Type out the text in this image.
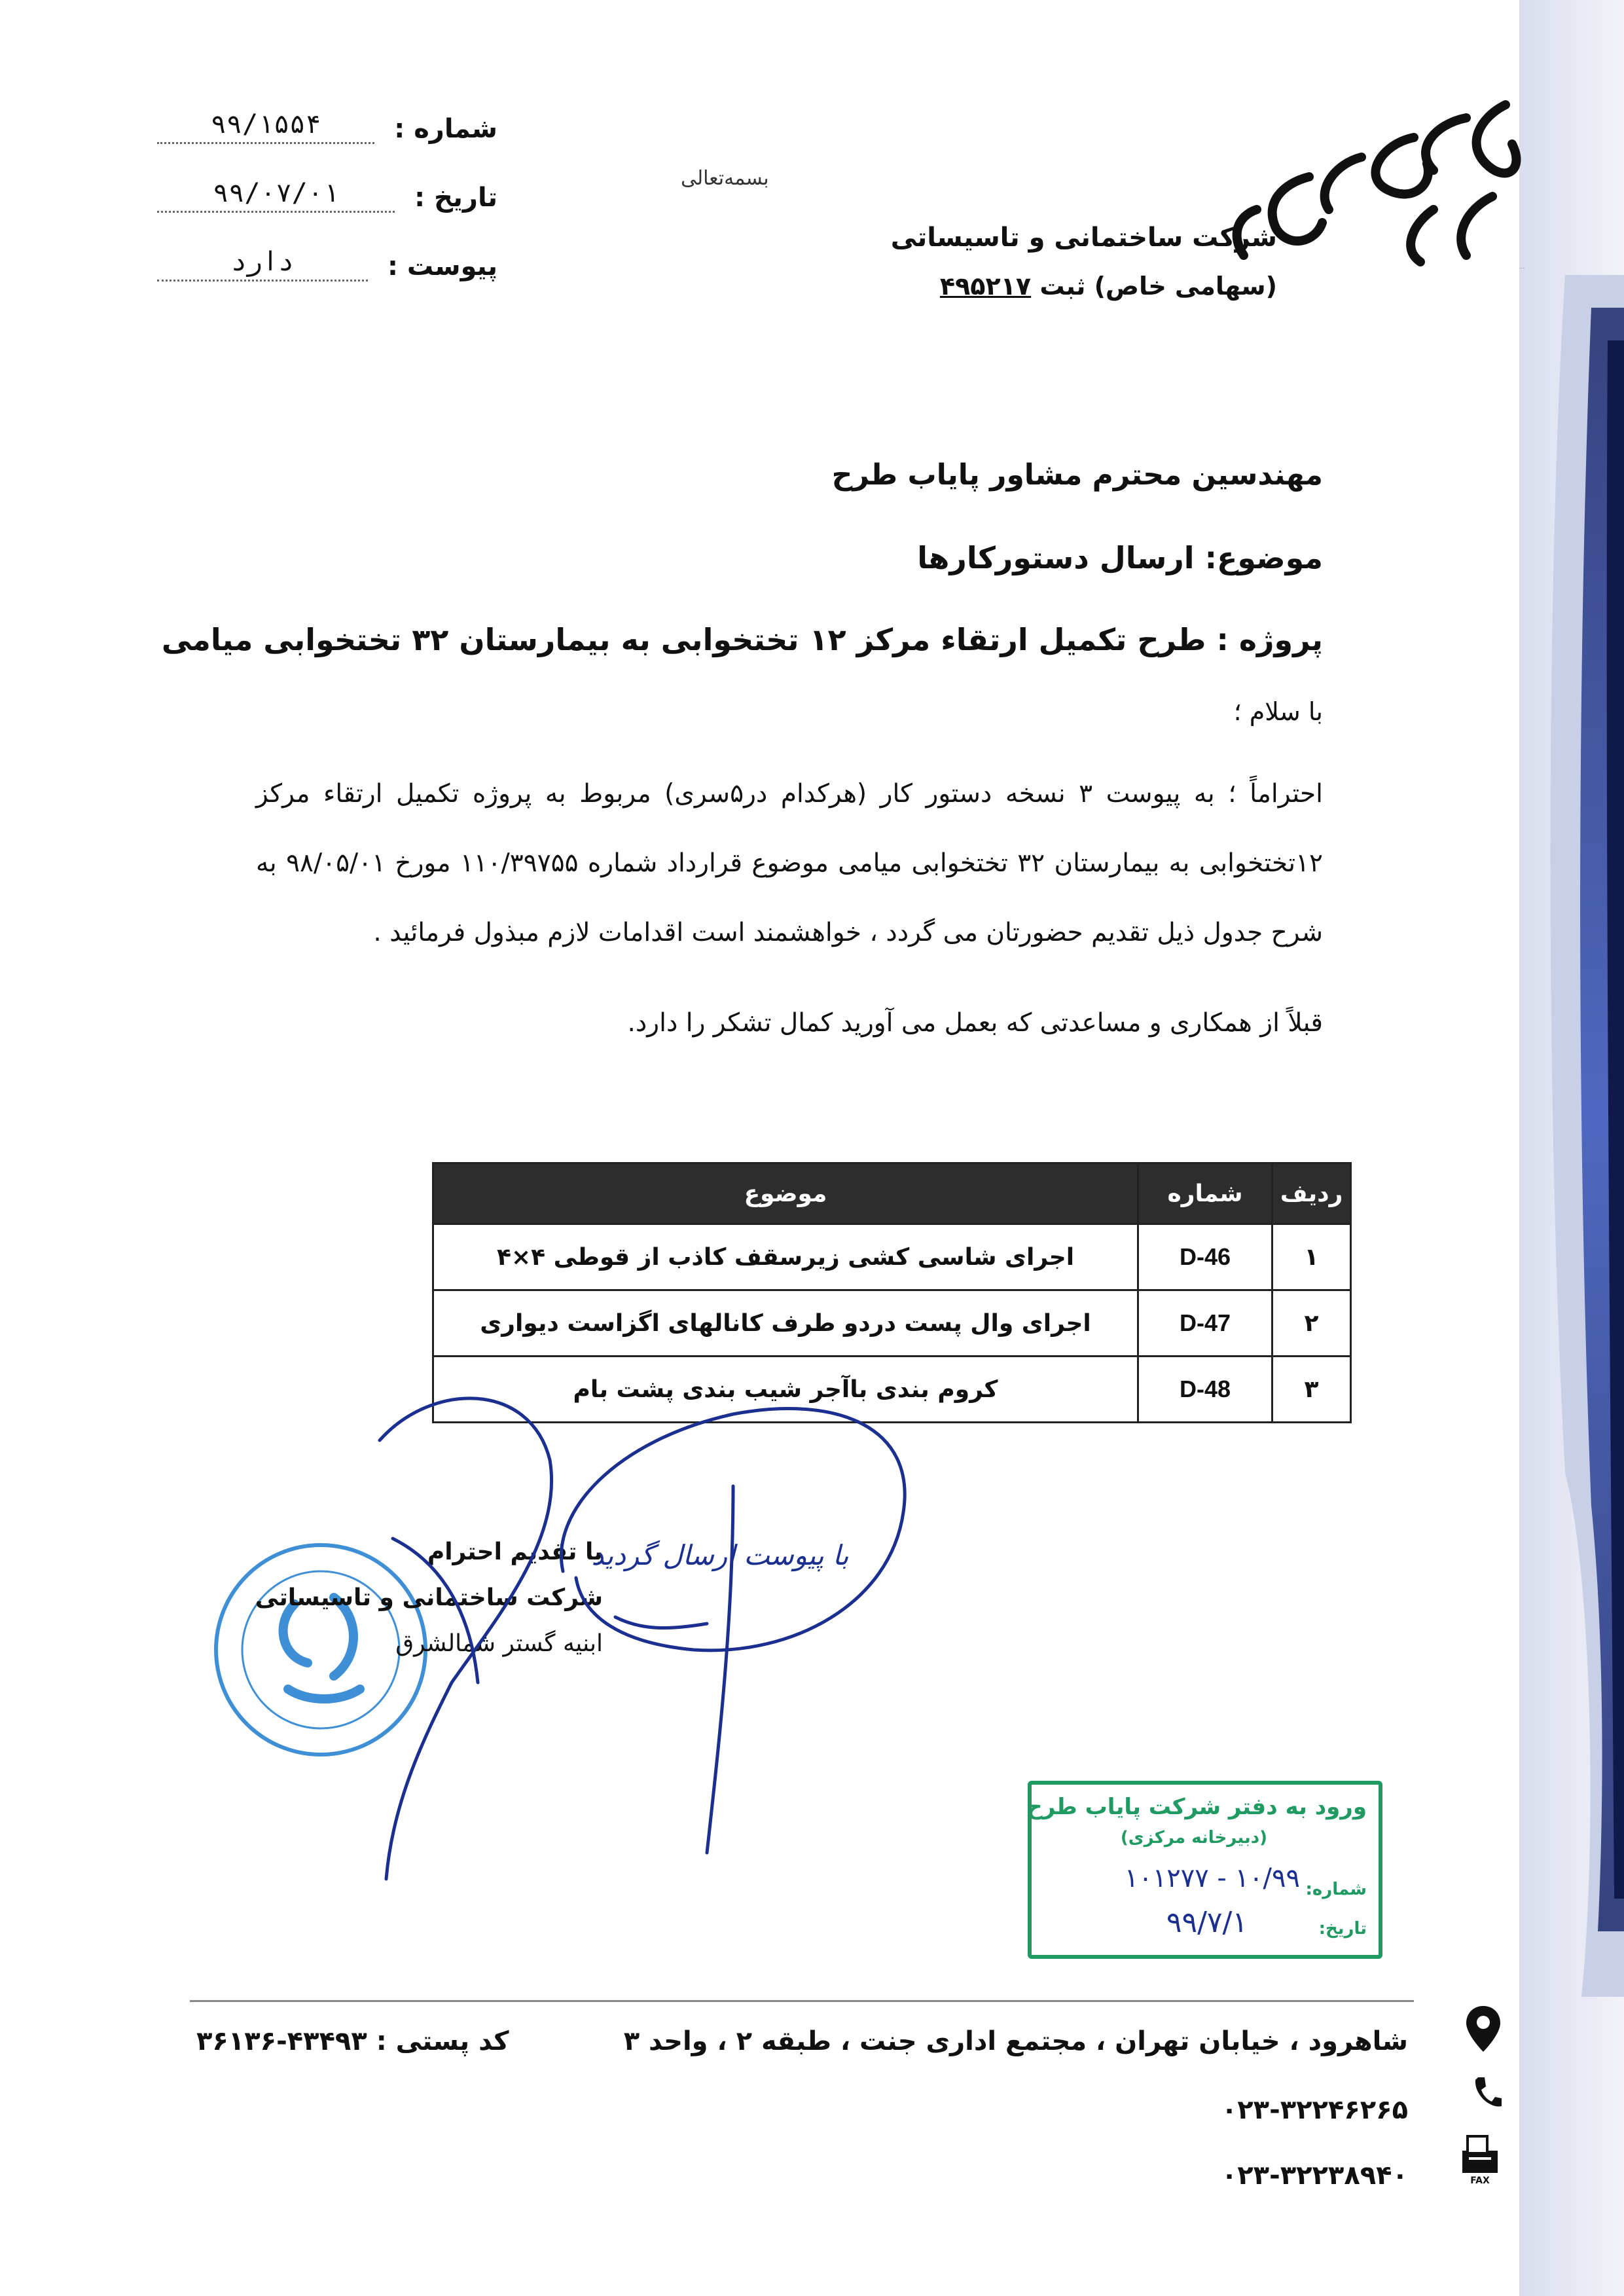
ابنیه گستر شمالشرق
شرکت ساختمانی و تاسیساتی
(سهامی خاص) ثبت ۴۹۵۲۱۷
شماره :
۹۹/۱۵۵۴
تاریخ :
۹۹/۰۷/۰۱
پیوست :
دارد
بسمه‌تعالی
مهندسین محترم مشاور پایاب طرح
موضوع: ارسال دستورکارها
پروژه : طرح تکمیل ارتقاء مرکز ۱۲ تختخوابی به بیمارستان ۳۲ تختخوابی میامی
با سلام ؛
احتراماً ؛ به پیوست ۳ نسخه دستور کار (هرکدام در۵سری) مربوط به پروژه تکمیل ارتقاء مرکز ۱۲تختخوابی به بیمارستان ۳۲ تختخوابی میامی موضوع قرارداد شماره ۱۱۰/۳۹۷۵۵ مورخ ۹۸/۰۵/۰۱ به شرح جدول ذیل تقدیم حضورتان می گردد ، خواهشمند است اقدامات لازم مبذول فرمائید .
قبلاً از همکاری و مساعدتی که بعمل می آورید کمال تشکر را دارد.
ردیف	شماره	موضوع
۱	D-46	اجرای شاسی کشی زیرسقف کاذب از قوطی ۴×۴
۲	D-47	اجرای وال پست دردو طرف کانالهای اگزاست دیواری
۳	D-48	کروم بندی باآجر شیب بندی پشت بام
با تقدیم احترام
شرکت ساختمانی و تاسیساتی
ابنیه گستر شمالشرق
با پیوست ارسال گردید
ورود به دفتر شرکت پایاب طرح
(دبیرخانه مرکزی)
شماره:
۱۰/۹۹ - ۱۰۱۲۷۷
تاریخ:
۹۹/۷/۱
شاهرود ، خیابان تهران ، مجتمع اداری جنت ، طبقه ۲ ، واحد ۳
کد پستی :
۳۶۱۳۶-۴۳۴۹۳
۰۲۳-۳۲۲۴۶۲۶۵
۰۲۳-۳۲۲۳۸۹۴۰	FAX
